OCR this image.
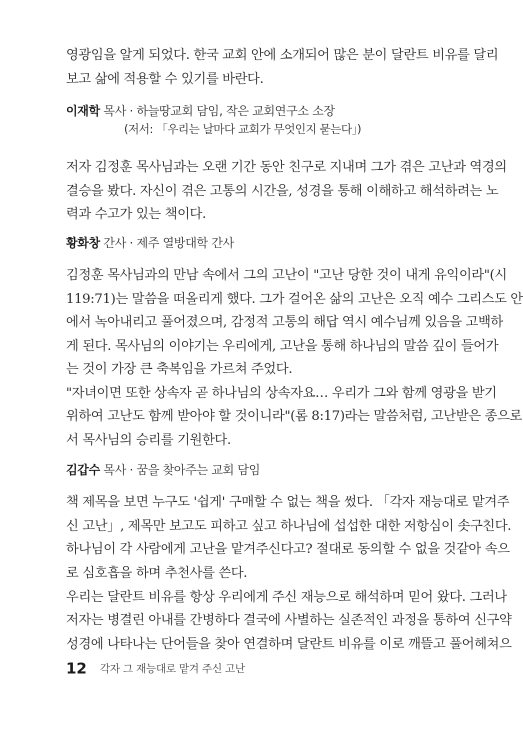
영광임을 알게 되었다. 한국 교회 안에 소개되어 많은 분이 달란트 비유를 달리
보고 삶에 적용할 수 있기를 바란다.
이재학 목사 · 하늘땅교회 담임, 작은 교회연구소 소장
(저서: 「우리는 날마다 교회가 무엇인지 묻는다」)
저자 김정훈 목사님과는 오랜 기간 동안 친구로 지내며 그가 겪은 고난과 역경의
결승을 봤다. 자신이 겪은 고통의 시간을, 성경을 통해 이해하고 해석하려는 노
력과 수고가 있는 책이다.
황화창 간사 · 제주 열방대학 간사
김정훈 목사님과의 만남 속에서 그의 고난이 "고난 당한 것이 내게 유익이라"(시
119:71)는 말씀을 떠올리게 했다. 그가 걸어온 삶의 고난은 오직 예수 그리스도 안
에서 녹아내리고 풀어졌으며, 감정적 고통의 해답 역시 예수님께 있음을 고백하
게 된다. 목사님의 이야기는 우리에게, 고난을 통해 하나님의 말씀 깊이 들어가
는 것이 가장 큰 축복임을 가르쳐 주었다.
"자녀이면 또한 상속자 곧 하나님의 상속자요… 우리가 그와 함께 영광을 받기
위하여 고난도 함께 받아야 할 것이니라"(롬 8:17)라는 말씀처럼, 고난받은 종으로
서 목사님의 승리를 기원한다.
김갑수 목사 · 꿈을 찾아주는 교회 담임
책 제목을 보면 누구도 '쉽게' 구매할 수 없는 책을 썼다. 「각자 재능대로 맡겨주
신 고난」, 제목만 보고도 피하고 싶고 하나님에 섭섭한 대한 저항심이 솟구친다.
하나님이 각 사람에게 고난을 맡겨주신다고? 절대로 동의할 수 없을 것같아 속으
로 심호흡을 하며 추천사를 쓴다.
우리는 달란트 비유를 항상 우리에게 주신 재능으로 해석하며 믿어 왔다. 그러나
저자는 병결린 아내를 간병하다 결국에 사별하는 실존적인 과정을 통하여 신구약
성경에 나타나는 단어들을 찾아 연결하며 달란트 비유를 이로 깨뜰고 풀어헤쳐으
12 각자 그 재능대로 맡겨 주신 고난
